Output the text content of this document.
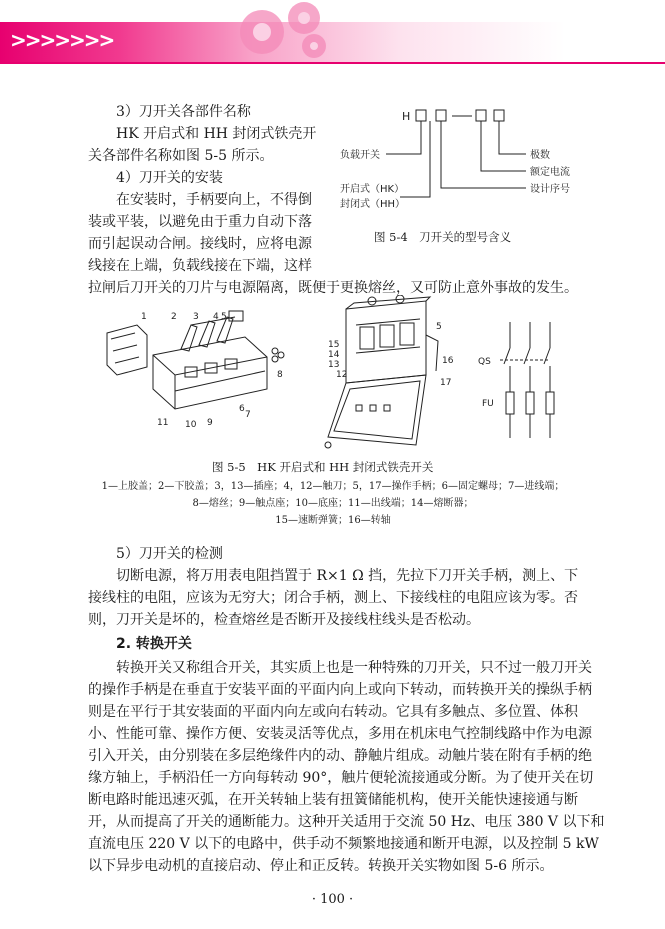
>>>>>>>
3）刀开关各部件名称
HK 开启式和 HH 封闭式铁壳开
关各部件名称如图 5-5 所示。
4）刀开关的安装
在安装时，手柄要向上，不得倒
装或平装，以避免由于重力自动下落
而引起误动合闸。接线时，应将电源
线接在上端，负载线接在下端，这样
拉闸后刀开关的刀片与电源隔离，既便于更换熔丝，又可防止意外事故的发生。
H
负载开关	极数
额定电流
设计序号
开启式（HK）
封闭式（HH）
图 5-4　刀开关的型号含义
1	2 3 4 5
6
7
8
9
10
11
15
14
13
12
5
16
17
QS
FU
图 5-5　HK 开启式和 HH 封闭式铁壳开关
1—上胶盖；2—下胶盖；3，13—插座；4，12—触刀；5，17—操作手柄；6—固定螺母；7—进线端；
8—熔丝；9—触点座；10—底座；11—出线端；14—熔断器；
15—速断弹簧；16—转轴
5）刀开关的检测
切断电源，将万用表电阻挡置于 R×1 Ω 挡，先拉下刀开关手柄，测上、下
接线柱的电阻，应该为无穷大；闭合手柄，测上、下接线柱的电阻应该为零。否
则，刀开关是坏的，检查熔丝是否断开及接线柱线头是否松动。
2. 转换开关
转换开关又称组合开关，其实质上也是一种特殊的刀开关，只不过一般刀开关
的操作手柄是在垂直于安装平面的平面内向上或向下转动，而转换开关的操纵手柄
则是在平行于其安装面的平面内向左或向右转动。它具有多触点、多位置、体积
小、性能可靠、操作方便、安装灵活等优点，多用在机床电气控制线路中作为电源
引入开关，由分别装在多层绝缘件内的动、静触片组成。动触片装在附有手柄的绝
缘方轴上，手柄沿任一方向每转动 90°，触片便轮流接通或分断。为了使开关在切
断电路时能迅速灭弧，在开关转轴上装有扭簧储能机构，使开关能快速接通与断
开，从而提高了开关的通断能力。这种开关适用于交流 50 Hz、电压 380 V 以下和
直流电压 220 V 以下的电路中，供手动不频繁地接通和断开电源，以及控制 5 kW
以下异步电动机的直接启动、停止和正反转。转换开关实物如图 5-6 所示。
· 100 ·
